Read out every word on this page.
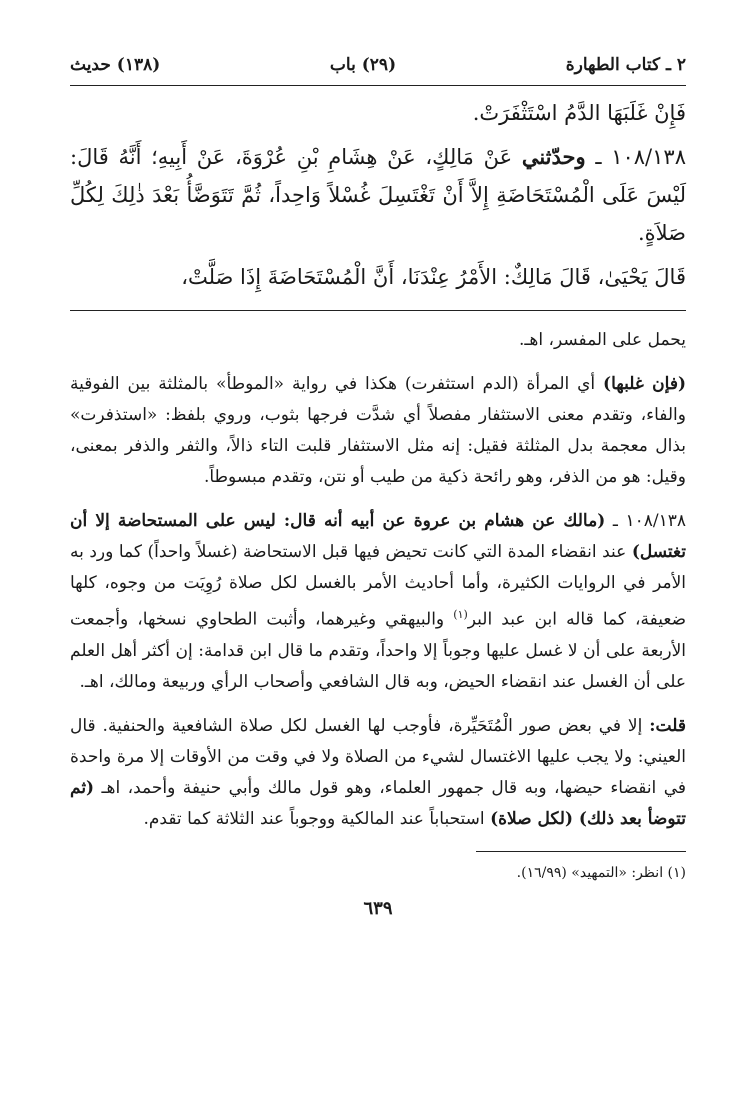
٢ ـ كتاب الطهارة
(٢٩) باب
(١٣٨) حديث

فَإِنْ غَلَبَهَا الدَّمُ اسْتَثْفَرَتْ.

١٠٨/١٣٨ ـ وحدّثني عَنْ مَالِكٍ، عَنْ هِشَامِ بْنِ عُرْوَةَ، عَنْ أَبِيهِ؛ أَنَّهُ قَالَ: لَيْسَ عَلَى الْمُسْتَحَاضَةِ إِلاَّ أَنْ تَغْتَسِلَ غُسْلاً وَاحِداً، ثُمَّ تَتَوَضَّأُ بَعْدَ ذٰلِكَ لِكُلِّ صَلاَةٍ.

قَالَ يَحْيَىٰ، قَالَ مَالِكٌ: الأَمْرُ عِنْدَنَا، أَنَّ الْمُسْتَحَاضَةَ إِذَا صَلَّتْ،

يحمل على المفسر، اهـ.

(فإن غلبها) أي المرأة (الدم استثفرت) هكذا في رواية «الموطأ» بالمثلثة بين الفوقية والفاء، وتقدم معنى الاستثفار مفصلاً أي شدَّت فرجها بثوب، وروي بلفظ: «استذفرت» بذال معجمة بدل المثلثة فقيل: إنه مثل الاستثفار قلبت التاء ذالاً، والثفر والذفر بمعنى، وقيل: هو من الذفر، وهو رائحة ذكية من طيب أو نتن، وتقدم مبسوطاً.

١٠٨/١٣٨ ـ (مالك عن هشام بن عروة عن أبيه أنه قال: ليس على المستحاضة إلا أن تغتسل) عند انقضاء المدة التي كانت تحيض فيها قبل الاستحاضة (غسلاً واحداً) كما ورد به الأمر في الروايات الكثيرة، وأما أحاديث الأمر بالغسل لكل صلاة رُوِيَت من وجوه، كلها ضعيفة، كما قاله ابن عبد البر$^{(١)}$ والبيهقي وغيرهما، وأثبت الطحاوي نسخها، وأجمعت الأربعة على أن لا غسل عليها وجوباً إلا واحداً، وتقدم ما قال ابن قدامة: إن أكثر أهل العلم على أن الغسل عند انقضاء الحيض، وبه قال الشافعي وأصحاب الرأي وربيعة ومالك، اهـ.

قلت: إلا في بعض صور الْمُتَحَيِّرة، فأوجب لها الغسل لكل صلاة الشافعية والحنفية. قال العيني: ولا يجب عليها الاغتسال لشيء من الصلاة ولا في وقت من الأوقات إلا مرة واحدة في انقضاء حيضها، وبه قال جمهور العلماء، وهو قول مالك وأبي حنيفة وأحمد، اهـ (ثم تتوضأ بعد ذلك) (لكل صلاة) استحباباً عند المالكية ووجوباً عند الثلاثة كما تقدم.

(١) انظر: «التمهيد» (١٦/٩٩).
٦٣٩
